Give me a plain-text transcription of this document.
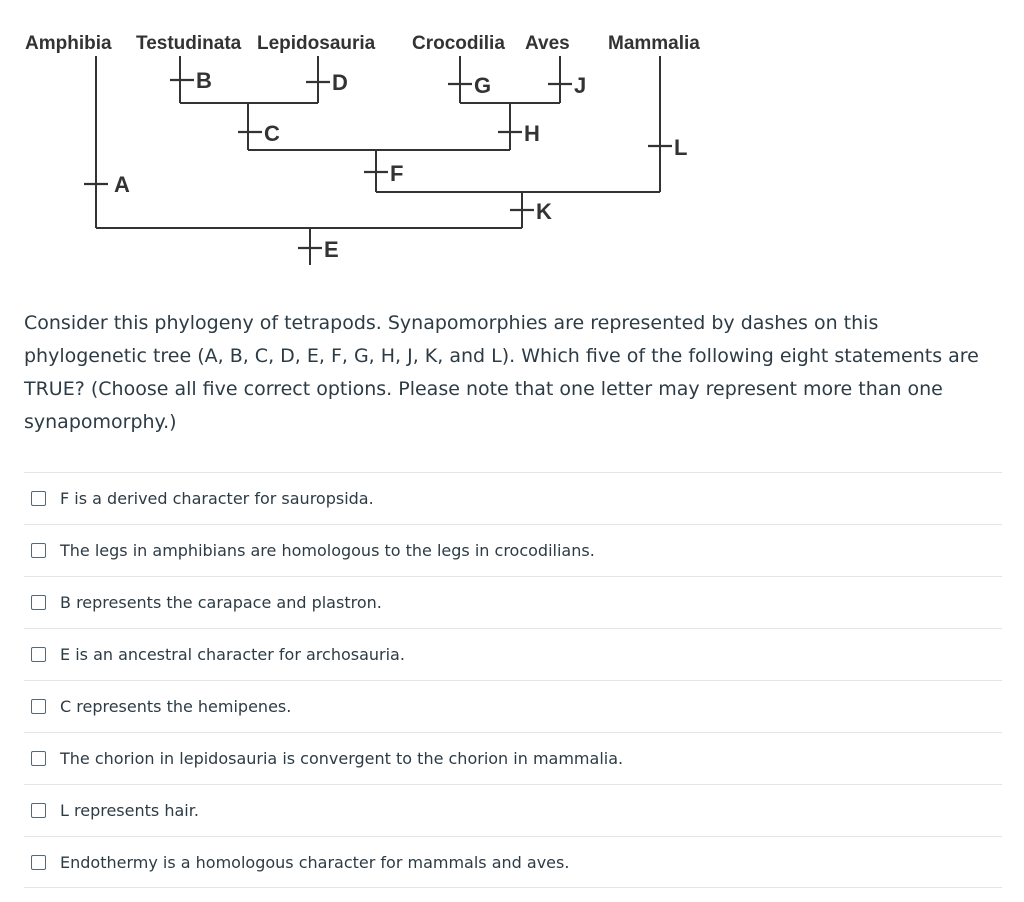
Amphibia Testudinata Lepidosauria Crocodilia Aves Mammalia
A
B
C
D
E
F
G
H
J
K
L

Consider this phylogeny of tetrapods. Synapomorphies are represented by dashes on this phylogenetic tree (A, B, C, D, E, F, G, H, J, K, and L). Which five of the following eight statements are TRUE? (Choose all five correct options. Please note that one letter may represent more than one synapomorphy.)

F is a derived character for sauropsida.
The legs in amphibians are homologous to the legs in crocodilians.
B represents the carapace and plastron.
E is an ancestral character for archosauria.
C represents the hemipenes.
The chorion in lepidosauria is convergent to the chorion in mammalia.
L represents hair.
Endothermy is a homologous character for mammals and aves.
